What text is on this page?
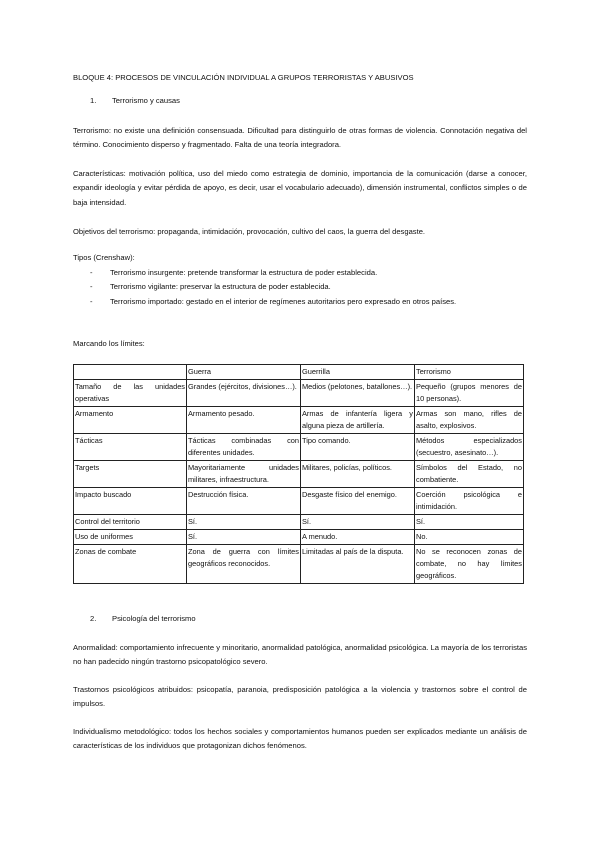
BLOQUE 4: PROCESOS DE VINCULACIÓN INDIVIDUAL A GRUPOS TERRORISTAS Y ABUSIVOS

1. Terrorismo y causas

Terrorismo: no existe una definición consensuada. Dificultad para distinguirlo de otras formas de violencia. Connotación negativa del término. Conocimiento disperso y fragmentado. Falta de una teoría integradora.

Características: motivación política, uso del miedo como estrategia de dominio, importancia de la comunicación (darse a conocer, expandir ideología y evitar pérdida de apoyo, es decir, usar el vocabulario adecuado), dimensión instrumental, conflictos simples o de baja intensidad.

Objetivos del terrorismo: propaganda, intimidación, provocación, cultivo del caos, la guerra del desgaste.

Tipos (Crenshaw):

- Terrorismo insurgente: pretende transformar la estructura de poder establecida.
- Terrorismo vigilante: preservar la estructura de poder establecida.
- Terrorismo importado: gestado en el interior de regímenes autoritarios pero expresado en otros países.

Marcando los límites:

	Guerra	Guerrilla	Terrorismo
Tamaño de las unidades operativas	Grandes (ejércitos, divisiones…).	Medios (pelotones, batallones…).	Pequeño (grupos menores de 10 personas).
Armamento	Armamento pesado.	Armas de infantería ligera y alguna pieza de artillería.	Armas son mano, rifles de asalto, explosivos.
Tácticas	Tácticas combinadas con diferentes unidades.	Tipo comando.	Métodos especializados (secuestro, asesinato…).
Targets	Mayoritariamente unidades militares, infraestructura.	Militares, policías, políticos.	Símbolos del Estado, no combatiente.
Impacto buscado	Destrucción física.	Desgaste físico del enemigo.	Coerción psicológica e intimidación.
Control del territorio	Sí.	Sí.	Sí.
Uso de uniformes	Sí.	A menudo.	No.
Zonas de combate	Zona de guerra con límites geográficos reconocidos.	Limitadas al país de la disputa.	No se reconocen zonas de combate, no hay límites geográficos.

2. Psicología del terrorismo

Anormalidad: comportamiento infrecuente y minoritario, anormalidad patológica, anormalidad psicológica. La mayoría de los terroristas no han padecido ningún trastorno psicopatológico severo.

Trastornos psicológicos atribuidos: psicopatía, paranoia, predisposición patológica a la violencia y trastornos sobre el control de impulsos.

Individualismo metodológico: todos los hechos sociales y comportamientos humanos pueden ser explicados mediante un análisis de características de los individuos que protagonizan dichos fenómenos.
